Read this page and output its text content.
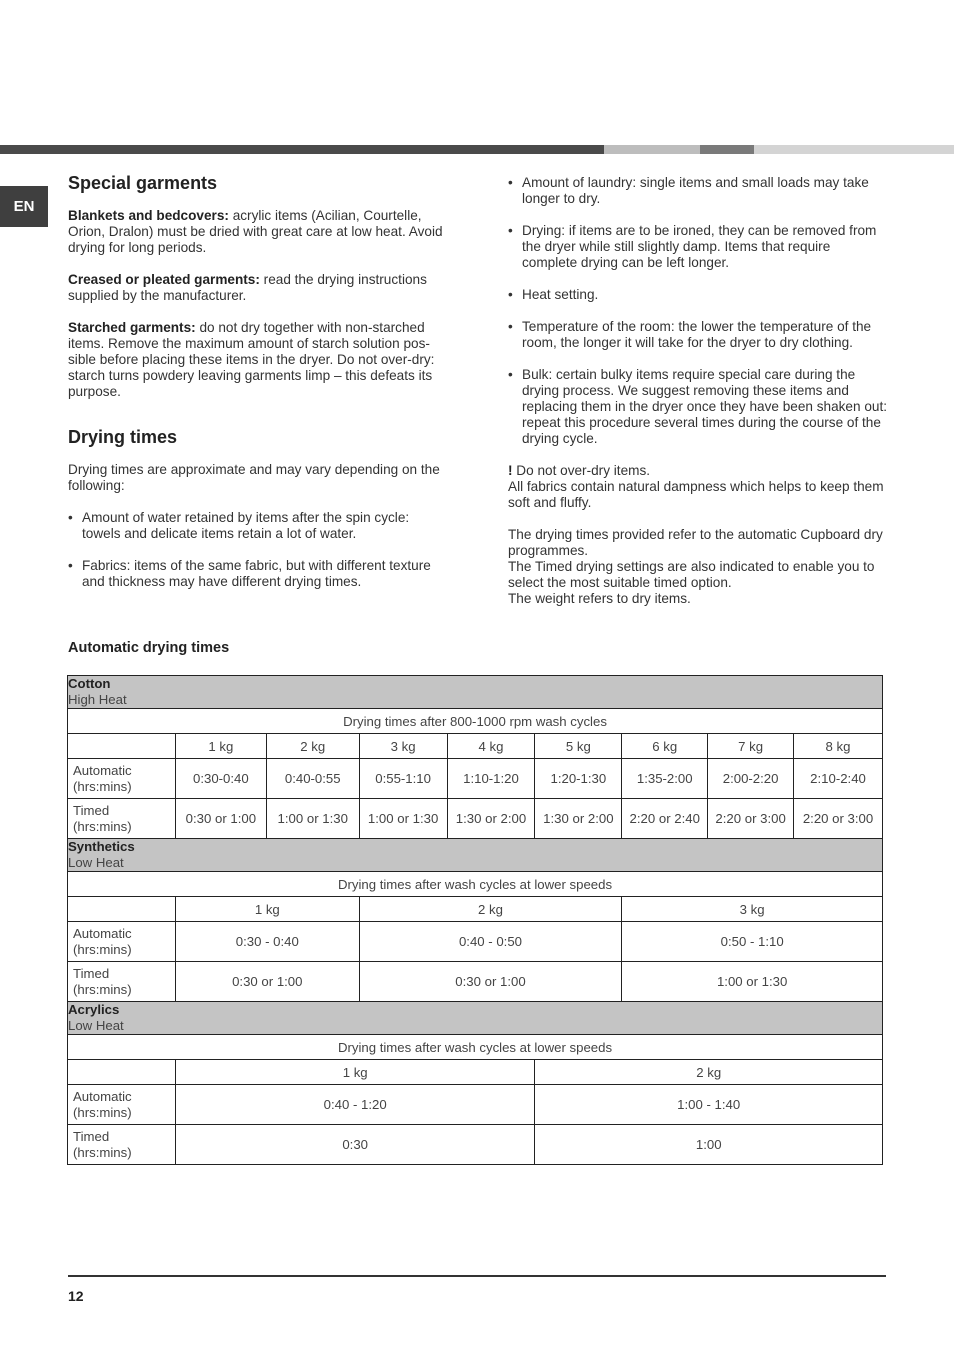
EN
Special garments

Blankets and bedcovers: acrylic items (Acilian, Courtelle, Orion, Dralon) must be dried with great care at low heat. Avoid drying for long periods.

Creased or pleated garments: read the drying instructions supplied by the manufacturer.

Starched garments: do not dry together with non-starched items. Remove the maximum amount of starch solution pos-sible before placing these items in the dryer. Do not over-dry: starch turns powdery leaving garments limp – this defeats its purpose.

Drying times

Drying times are approximate and may vary depending on the following:

• Amount of water retained by items after the spin cycle: towels and delicate items retain a lot of water.
• Fabrics: items of the same fabric, but with different texture and thickness may have different drying times.
• Amount of laundry: single items and small loads may take longer to dry.
• Drying: if items are to be ironed, they can be removed from the dryer while still slightly damp. Items that require complete drying can be left longer.
• Heat setting.
• Temperature of the room: the lower the temperature of the room, the longer it will take for the dryer to dry clothing.
• Bulk: certain bulky items require special care during the drying process. We suggest removing these items and replacing them in the dryer once they have been shaken out: repeat this procedure several times during the course of the drying cycle.

! Do not over-dry items.

All fabrics contain natural dampness which helps to keep them soft and fluffy.

The drying times provided refer to the automatic Cupboard dry programmes.

The Timed drying settings are also indicated to enable you to select the most suitable timed option.

The weight refers to dry items.

Automatic drying times
Cotton
High Heat								

Drying times after 800-1000 rpm wash cycles								
	1 kg	2 kg	3 kg	4 kg	5 kg	6 kg	7 kg	8 kg

Automatic
(hrs:mins)	0:30-0:40	0:40-0:55	0:55-1:10	1:10-1:20	1:20-1:30	1:35-2:00	2:00-2:20	2:10-2:40

Timed
(hrs:mins)	0:30 or 1:00	1:00 or 1:30	1:00 or 1:30	1:30 or 2:00	1:30 or 2:00	2:20 or 2:40	2:20 or 3:00	2:20 or 3:00

Synthetics
Low Heat								

Drying times after wash cycles at lower speeds								
	1 kg		2 kg			3 kg		

Automatic
(hrs:mins)	0:30 - 0:40		0:40 - 0:50			0:50 - 1:10		

Timed
(hrs:mins)	0:30 or 1:00		0:30 or 1:00			1:00 or 1:30		

Acrylics
Low Heat								

Drying times after wash cycles at lower speeds								
	1 kg				2 kg			

Automatic
(hrs:mins)	0:40 - 1:20				1:00 - 1:40			

Timed
(hrs:mins)	0:30				1:00			
12
